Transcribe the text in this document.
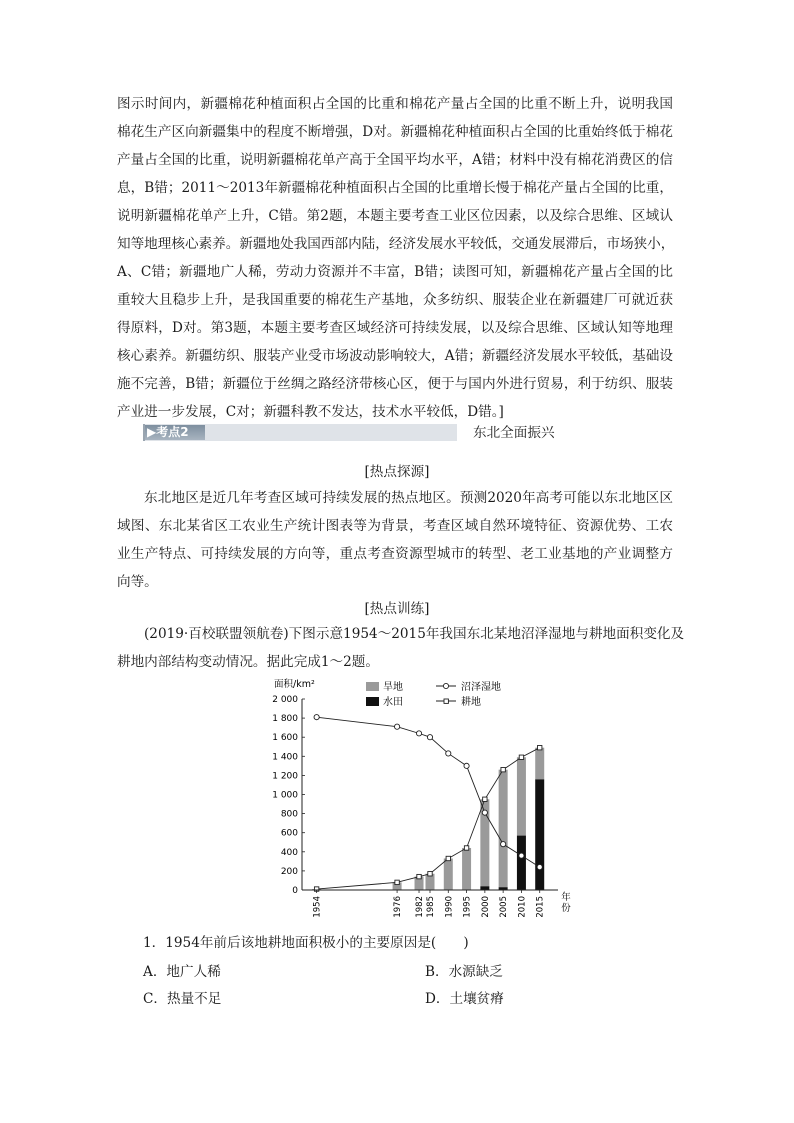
图示时间内，新疆棉花种植面积占全国的比重和棉花产量占全国的比重不断上升，说明我国
棉花生产区向新疆集中的程度不断增强，D对。新疆棉花种植面积占全国的比重始终低于棉花
产量占全国的比重，说明新疆棉花单产高于全国平均水平，A错；材料中没有棉花消费区的信
息，B错；2011～2013年新疆棉花种植面积占全国的比重增长慢于棉花产量占全国的比重，
说明新疆棉花单产上升，C错。第2题，本题主要考查工业区位因素，以及综合思维、区域认
知等地理核心素养。新疆地处我国西部内陆，经济发展水平较低，交通发展滞后，市场狭小，
A、C错；新疆地广人稀，劳动力资源并不丰富，B错；读图可知，新疆棉花产量占全国的比
重较大且稳步上升，是我国重要的棉花生产基地，众多纺织、服装企业在新疆建厂可就近获
得原料，D对。第3题，本题主要考查区域经济可持续发展，以及综合思维、区域认知等地理
核心素养。新疆纺织、服装产业受市场波动影响较大，A错；新疆经济发展水平较低，基础设
施不完善，B错；新疆位于丝绸之路经济带核心区，便于与国内外进行贸易，利于纺织、服装
产业进一步发展，C对；新疆科教不发达，技术水平较低，D错。]
▶考点2	东北全面振兴
[热点探源]
东北地区是近几年考查区域可持续发展的热点地区。预测2020年高考可能以东北地区区
域图、东北某省区工农业生产统计图表等为背景，考查区域自然环境特征、资源优势、工农
业生产特点、可持续发展的方向等，重点考查资源型城市的转型、老工业基地的产业调整方
向等。
[热点训练]
(2019·百校联盟领航卷)下图示意1954～2015年我国东北某地沼泽湿地与耕地面积变化及
耕地内部结构变动情况。据此完成1～2题。
面积/km²	旱地
水田
沼泽湿地
耕地
0
200
400
600
800
1 000
1 200
1 400
1 600
1 800
2 000
1954	1976 1982 1985 1990 1995 2000 2005 2010 2015 年
份
1．1954年前后该地耕地面积极小的主要原因是(　　)
A．地广人稀	B．水源缺乏
C．热量不足	D．土壤贫瘠
